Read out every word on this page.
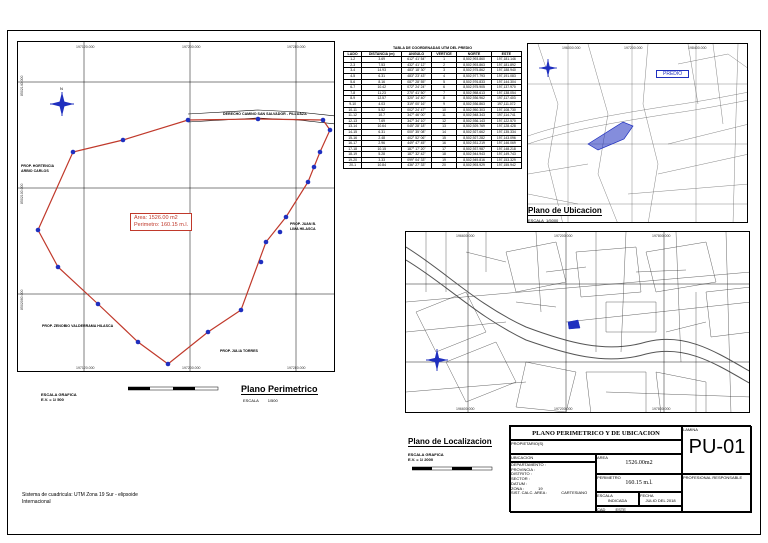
N
Area: 1526.00 m2
Perimetro: 160.15 m.l.
DERECHO CAMINO SAN SALVADOR - PILLUAZA
PROP. HORTENCIA
ARBIO CARLOS
PROP. JUAN B.
LIMA HILASCA
PROP. ZENOBIO VALDERRAMA HILASCA
PROP. JULIA TORRES
197120.000	197200.000	197280.000
197120.000	197200.000	197280.000
8502140.000
8502100.000
8502060.000
ESCALA GRAFICA
E.V. = 1/ 500
Plano Perimetrico
ESCALA 1/500
Sistema de cuadricula: UTM Zona 19 Sur - elipsoide
Internacional
TABLA DE COORDENADAS UTM DEL PREDIO					
LADO	DISTANCIA (m)	ANGULO	VERTICE	NORTE	ESTE
1-2	3.69	612° 41' 54"	1	8,502,993.860	197,181.146
2-3	7.53	432° 41' 12"	2	8,502,993.863	197,181.892
3-4	14.93	483° 18' 30"	3	8,502,975.862	197,188.940
4-5	6.31	483° 23' 43"	4	8,502,977.793	197,191.083
5-6	8.16	087° 28' 55"	5	8,502,976.833	197,144.304
6-7	10.42	072° 24' 24"	6	8,502,975.905	197,137.970
7-8	11.23	270° 41' 50"	7	8,502,958.613	197,138.054
8-9	12.57	320° 14' 40"	8	8,502,936.962	197,117.403
9-10	4.03	319° 00' 16"	9	8,502,936.863	197,111.072
10-11	5.52	002° 24' 47"	10	8,502,950.303	197,108.730
11-12	10.7	347° 46' 00"	11	8,502,948.343	197,114.741
12-13	7.69	347° 34' 10"	12	8,502,936.143	197,122.570
13-14	10.64	045° 28' 18"	13	8,502,929.769	197,128.428
14-15	6.31	000° 35' 08"	14	8,502,927.662	197,135.334
15-16	2.48	402° 52' 06"	15	8,502,927.282	197,143.096
16-17	2.96	449° 47' 45"	16	8,502,931.219	197,146.069
17-18	10.15	187° 17' 20"	17	8,502,937.987	197,148.218
18-19	5.28	187° 32' 42"	18	8,502,944.943	197,149.743
19-20	3.33	099° 04' 33"	19	8,502,949.816	197,153.329
20-1	10.84	436° 27' 33"	20	8,502,993.929	197,155.942
PREDIO
196000.000	197200.000	198400.000
Plano de Ubicacion
ESCALA 1/5000
196600.000	197200.000	197800.000
196600.000	197200.000	197800.000
Plano de Localizacion
ESCALA GRAFICA
E.V. = 1/ 2000
PLANO PERIMETRICO Y DE UBICACION
PROPIETARIO(S)
UBICACION	AREA
1526.00m2
DEPARTAMENTO :
PROVINCIA :
DISTRITO :
SECTOR :
DATUM :
ZONA :	19
SIST. CALC. AREA :	CARTESIANO
PERIMETRO
160.15 m.l.
ESCALA
INDICADA
FECHA
JULIO DEL 2018
CAD	ESTE
LAMINA
PU-01
PROFESIONAL RESPONSABLE
